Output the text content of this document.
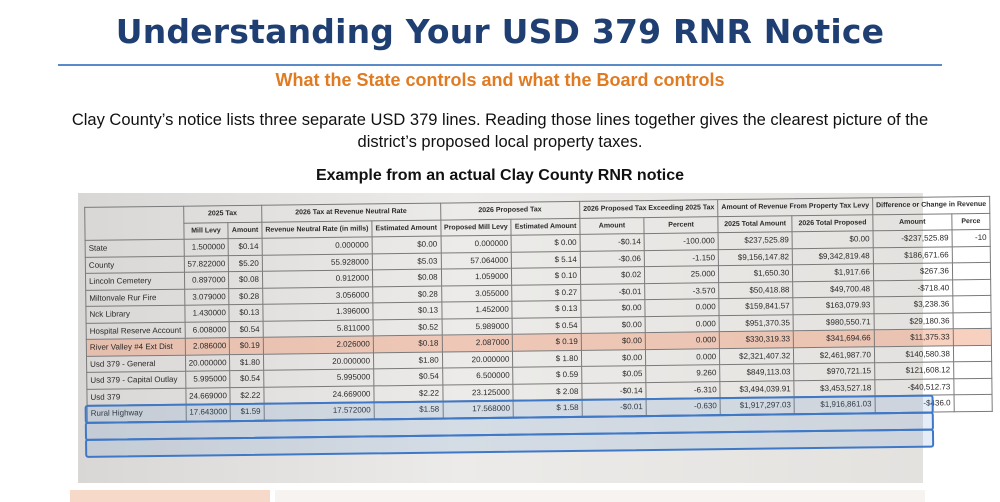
Understanding Your USD 379 RNR Notice
What the State controls and what the Board controls
Clay County’s notice lists three separate USD 379 lines. Reading those lines together gives the clearest picture of the district’s proposed local property taxes.
Example from an actual Clay County RNR notice
	2025 Tax		2026 Tax at Revenue Neutral Rate		2026 Proposed Tax		2026 Proposed Tax Exceeding 2025 Tax		Amount of Revenue From Property Tax Levy		Difference or Change in Revenue	
	Mill Levy	Amount	Revenue Neutral Rate (in mills)	Estimated Amount	Proposed Mill Levy	Estimated Amount	Amount	Percent	2025 Total Amount	2026 Total Proposed	Amount	Perce
State	1.500000	$0.14	0.000000	$0.00	0.000000	$ 0.00	-$0.14	-100.000	$237,525.89	$0.00	-$237,525.89	-10
County	57.822000	$5.20	55.928000	$5.03	57.064000	$ 5.14	-$0.06	-1.150	$9,156,147.82	$9,342,819.48	$186,671.66	
Lincoln Cemetery	0.897000	$0.08	0.912000	$0.08	1.059000	$ 0.10	$0.02	25.000	$1,650.30	$1,917.66	$267.36	
Miltonvale Rur Fire	3.079000	$0.28	3.056000	$0.28	3.055000	$ 0.27	-$0.01	-3.570	$50,418.88	$49,700.48	-$718.40	
Nck Library	1.430000	$0.13	1.396000	$0.13	1.452000	$ 0.13	$0.00	0.000	$159,841.57	$163,079.93	$3,238.36	
Hospital Reserve Account	6.008000	$0.54	5.811000	$0.52	5.989000	$ 0.54	$0.00	0.000	$951,370.35	$980,550.71	$29,180.36	
River Valley #4 Ext Dist	2.086000	$0.19	2.026000	$0.18	2.087000	$ 0.19	$0.00	0.000	$330,319.33	$341,694.66	$11,375.33	
Usd 379 - General	20.000000	$1.80	20.000000	$1.80	20.000000	$ 1.80	$0.00	0.000	$2,321,407.32	$2,461,987.70	$140,580.38	
Usd 379 - Capital Outlay	5.995000	$0.54	5.995000	$0.54	6.500000	$ 0.59	$0.05	9.260	$849,113.03	$970,721.15	$121,608.12	
Usd 379	24.669000	$2.22	24.669000	$2.22	23.125000	$ 2.08	-$0.14	-6.310	$3,494,039.91	$3,453,527.18	-$40,512.73	
Rural Highway	17.643000	$1.59	17.572000	$1.58	17.568000	$ 1.58	-$0.01	-0.630	$1,917,297.03	$1,916,861.03	-$436.0	
